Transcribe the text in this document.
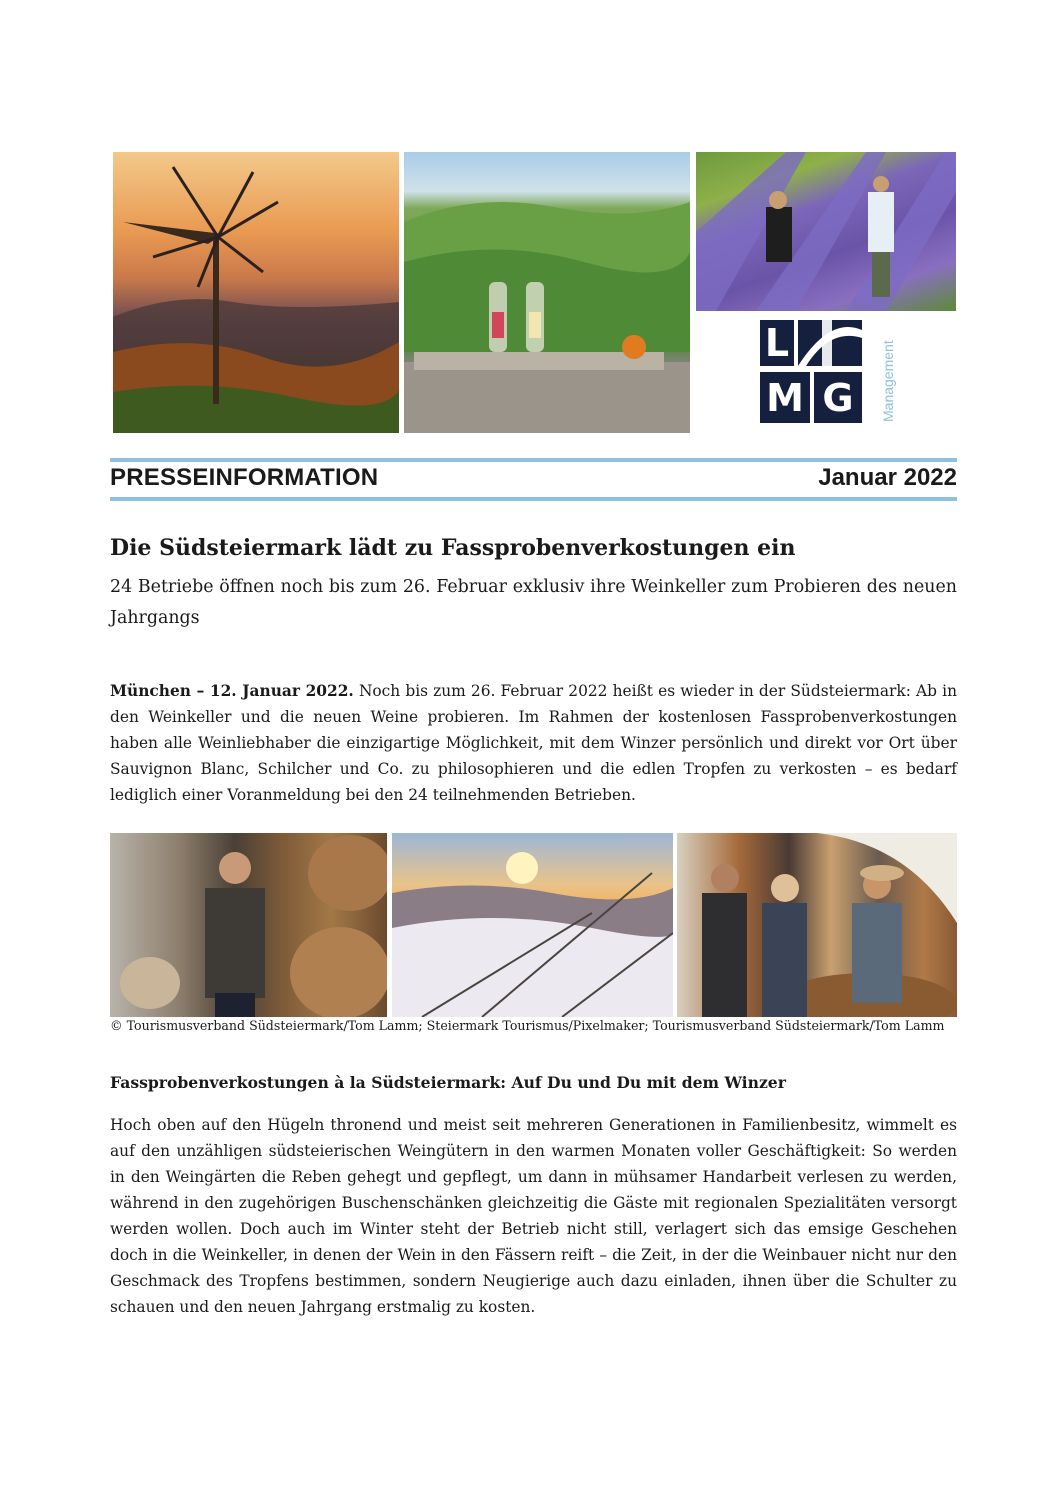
L
M G	Management
PRESSEINFORMATION	Januar 2022
Die Südsteiermark lädt zu Fassprobenverkostungen ein

24 Betriebe öffnen noch bis zum 26. Februar exklusiv ihre Weinkeller zum Probieren des neuen Jahrgangs

München – 12. Januar 2022. Noch bis zum 26. Februar 2022 heißt es wieder in der Südsteiermark: Ab in den Weinkeller und die neuen Weine probieren. Im Rahmen der kostenlosen Fassprobenverkostungen haben alle Weinliebhaber die einzigartige Möglichkeit, mit dem Winzer persönlich und direkt vor Ort über Sauvignon Blanc, Schilcher und Co. zu philosophieren und die edlen Tropfen zu verkosten – es bedarf lediglich einer Voranmeldung bei den 24 teilnehmenden Betrieben.

© Tourismusverband Südsteiermark/Tom Lamm; Steiermark Tourismus/Pixelmaker; Tourismusverband Südsteiermark/Tom Lamm

Fassprobenverkostungen à la Südsteiermark: Auf Du und Du mit dem Winzer

Hoch oben auf den Hügeln thronend und meist seit mehreren Generationen in Familienbesitz, wimmelt es auf den unzähligen südsteierischen Weingütern in den warmen Monaten voller Geschäftigkeit: So werden in den Weingärten die Reben gehegt und gepflegt, um dann in mühsamer Handarbeit verlesen zu werden, während in den zugehörigen Buschenschänken gleichzeitig die Gäste mit regionalen Spezialitäten versorgt werden wollen. Doch auch im Winter steht der Betrieb nicht still, verlagert sich das emsige Geschehen doch in die Weinkeller, in denen der Wein in den Fässern reift – die Zeit, in der die Weinbauer nicht nur den Geschmack des Tropfens bestimmen, sondern Neugierige auch dazu einladen, ihnen über die Schulter zu schauen und den neuen Jahrgang erstmalig zu kosten.
